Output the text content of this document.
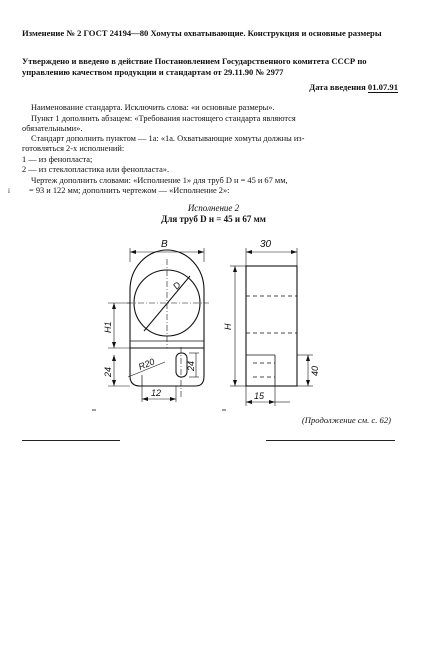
Изменение № 2 ГОСТ 24194—80 Хомуты охватывающие. Конструкция и основные размеры

Утверждено и введено в действие Постановлением Государственного комитета СССР по управлению качеством продукции и стандартам от 29.11.90 № 2977

Дата введения 01.07.91

Наименование стандарта. Исключить слова: «и основные размеры».

Пункт 1 дополнить абзацем: «Требования настоящего стандарта являются

обязательными».

Стандарт дополнить пунктом — 1а: «1а. Охватывающие хомуты должны из-

готовляться 2-х исполнений:

1 — из фенопласта;

2 — из стеклопластика или фенопласта».

Чертеж дополнить словами: «Исполнение 1» для труб D н = 45 и 67 мм,

i = 93 и 122 мм; дополнить чертежом — «Исполнение 2»:

Исполнение 2

Для труб D н = 45 и 67 мм

B	30
D
H1	H
24
R20	24
12
40
15

(Продолжение см. с. 62)
